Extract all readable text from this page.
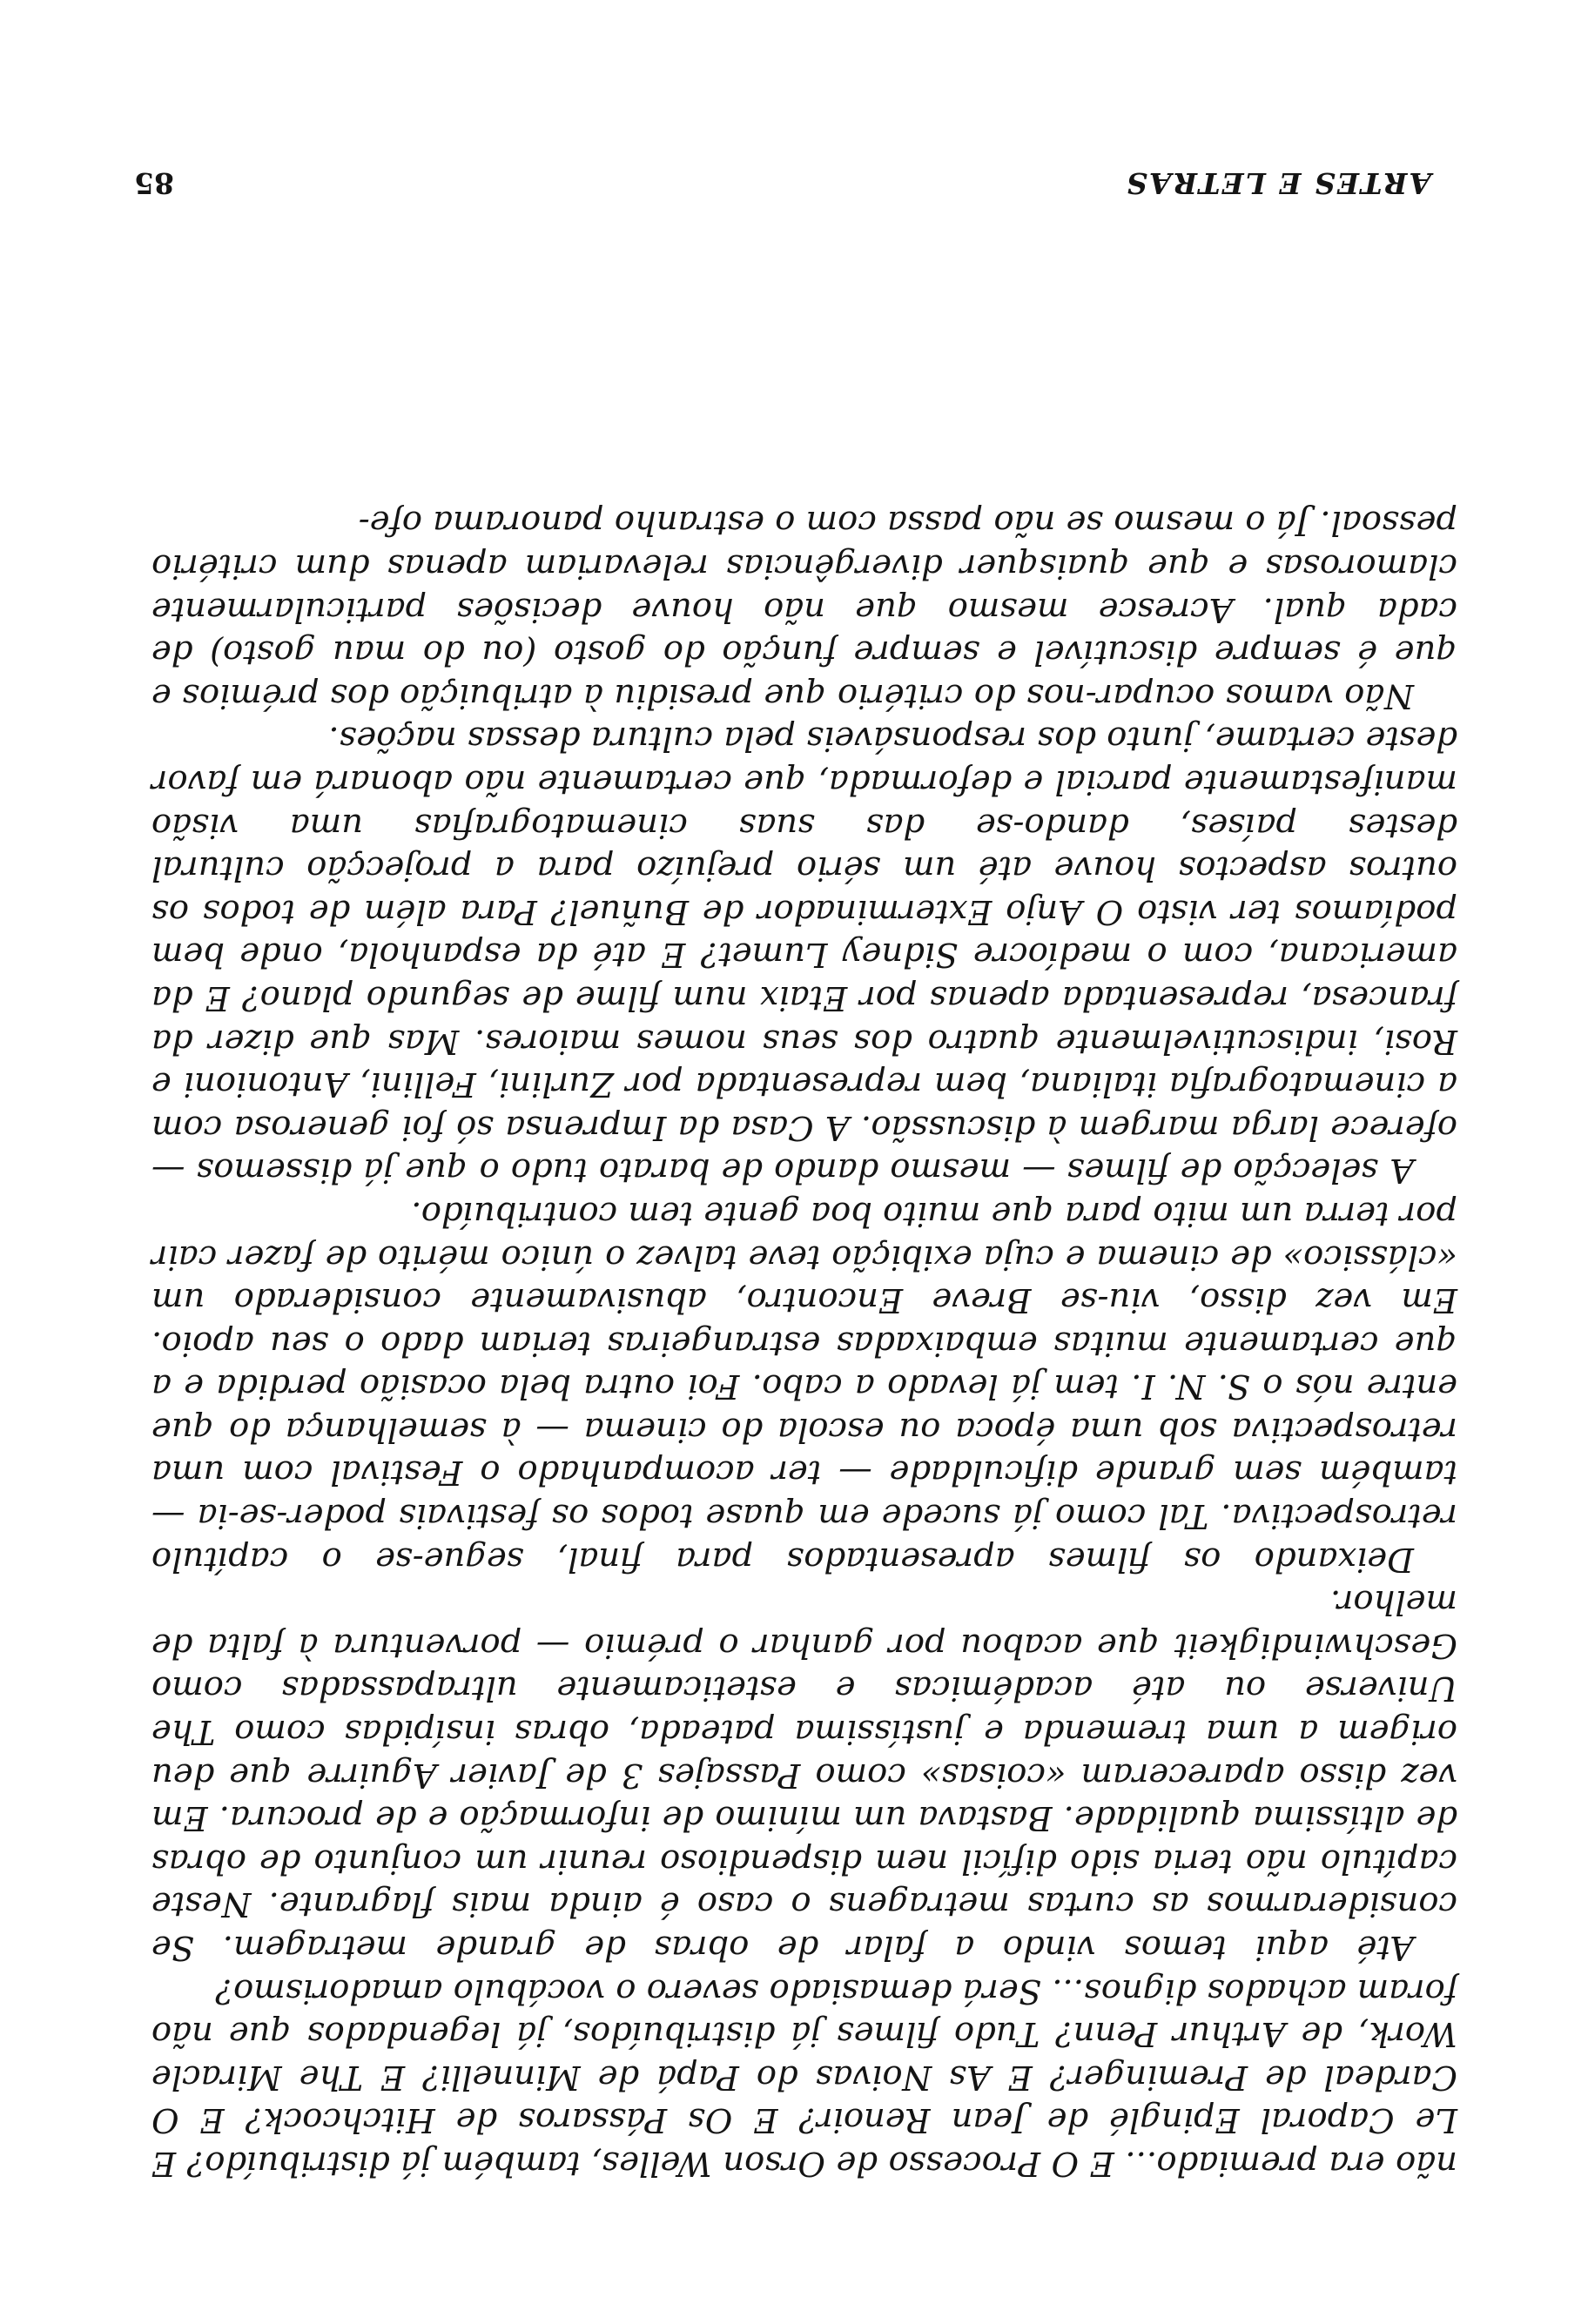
ARTES E LETRAS
85

não era premiado... E O Processo de Orson Welles, também já distribuído? E Le Caporal Epinglé de Jean Renoir? E Os Pássaros de Hitchcock? E O Cardeal de Preminger? E As Noivas do Papá de Minnelli? E The Miracle Work, de Arthur Penn? Tudo filmes já distribuídos, já legendados que não foram achados dignos... Será demasiado severo o vocábulo amadorismo?

Até aqui temos vindo a falar de obras de grande metragem. Se considerarmos as curtas metragens o caso é ainda mais flagrante. Neste capítulo não teria sido difícil nem dispendioso reunir um conjunto de obras de altíssima qualidade. Bastava um mínimo de informação e de procura. Em vez disso apareceram «coisas» como Passajes 3 de Javier Aguirre que deu origem a uma tremenda e justíssima pateada, obras insípidas como The Universe ou até académicas e esteticamente ultrapassadas como Geschwindigkeit que acabou por ganhar o prémio — porventura à falta de melhor.

Deixando os filmes apresentados para final, segue-se o capítulo retrospectiva. Tal como já sucede em quase todos os festivais poder-se-ia — também sem grande dificuldade — ter acompanhado o Festival com uma retrospectiva sob uma época ou escola do cinema — à semelhança do que entre nós o S. N. I. tem já levado a cabo. Foi outra bela ocasião perdida e a que certamente muitas embaixadas estrangeiras teriam dado o seu apoio. Em vez disso, viu-se Breve Encontro, abusivamente considerado um «clássico» de cinema e cuja exibição teve talvez o único mérito de fazer cair por terra um mito para que muito boa gente tem contribuído.

A selecção de filmes — mesmo dando de barato tudo o que já dissemos — oferece larga margem à discussão. A Casa da Imprensa só foi generosa com a cinematografia italiana, bem representada por Zurlini, Fellini, Antonioni e Rosi, indiscutivelmente quatro dos seus nomes maiores. Mas que dizer da francesa, representada apenas por Etaix num filme de segundo plano? E da americana, com o medíocre Sidney Lumet? E até da espanhola, onde bem podíamos ter visto O Anjo Exterminador de Buñuel? Para além de todos os outros aspectos houve até um sério prejuízo para a projecção cultural destes países, dando-se das suas cinematografias uma visão manifestamente parcial e deformada, que certamente não abonará em favor deste certame, junto dos responsáveis pela cultura dessas nações.

Não vamos ocupar-nos do critério que presidiu à atribuição dos prémios e que é sempre discutível e sempre função do gosto (ou do mau gosto) de cada qual. Acresce mesmo que não houve decisões particularmente clamorosas e que quaisquer divergências relevariam apenas dum critério pessoal. Já o mesmo se não passa com o estranho panorama ofe-
